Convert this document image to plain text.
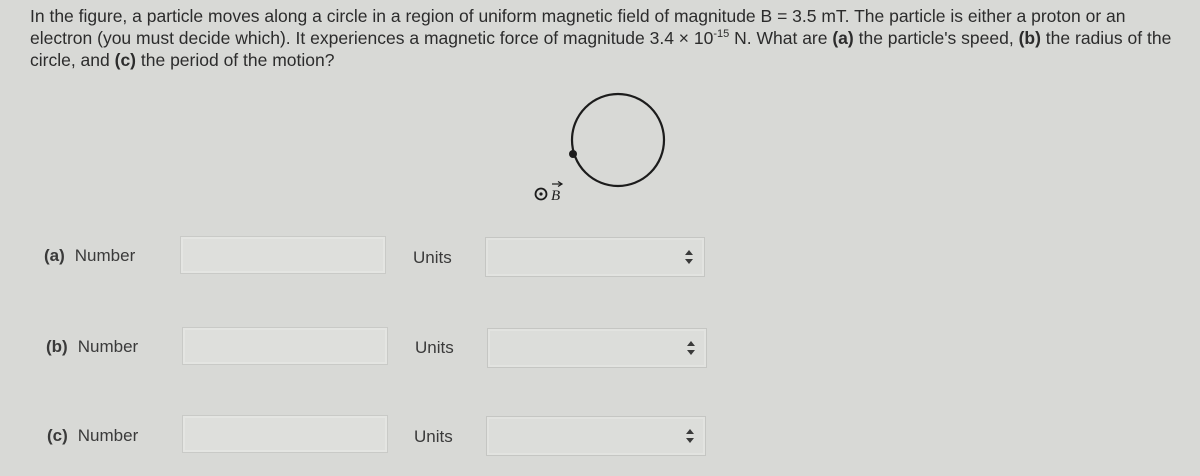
In the figure, a particle moves along a circle in a region of uniform magnetic field of magnitude B = 3.5 mT. The particle is either a proton or an electron (you must decide which). It experiences a magnetic force of magnitude $3.4 \times 10^{-15}$ N. What are (a) the particle's speed, (b) the radius of the circle, and (c) the period of the motion?
B
(a) Number	Units
(b) Number	Units
(c) Number	Units
